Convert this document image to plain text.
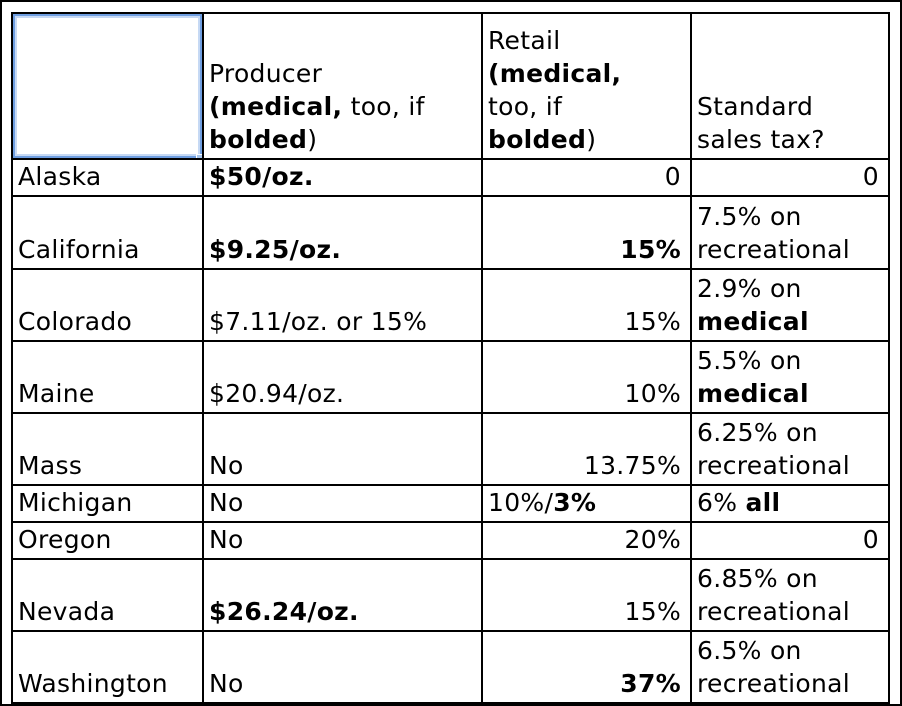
	Producer
(medical, too, if
bolded)	Retail
(medical,
too, if
bolded)	Standard
sales tax?
Alaska	$50/oz.	0	0
California	$9.25/oz.	15%	7.5% on
recreational
Colorado	$7.11/oz. or 15%	15%	2.9% on
medical
Maine	$20.94/oz.	10%	5.5% on
medical
Mass	No	13.75%	6.25% on
recreational
Michigan	No	10%/3%	6% all
Oregon	No	20%	0
Nevada	$26.24/oz.	15%	6.85% on
recreational
Washington	No	37%	6.5% on
recreational
